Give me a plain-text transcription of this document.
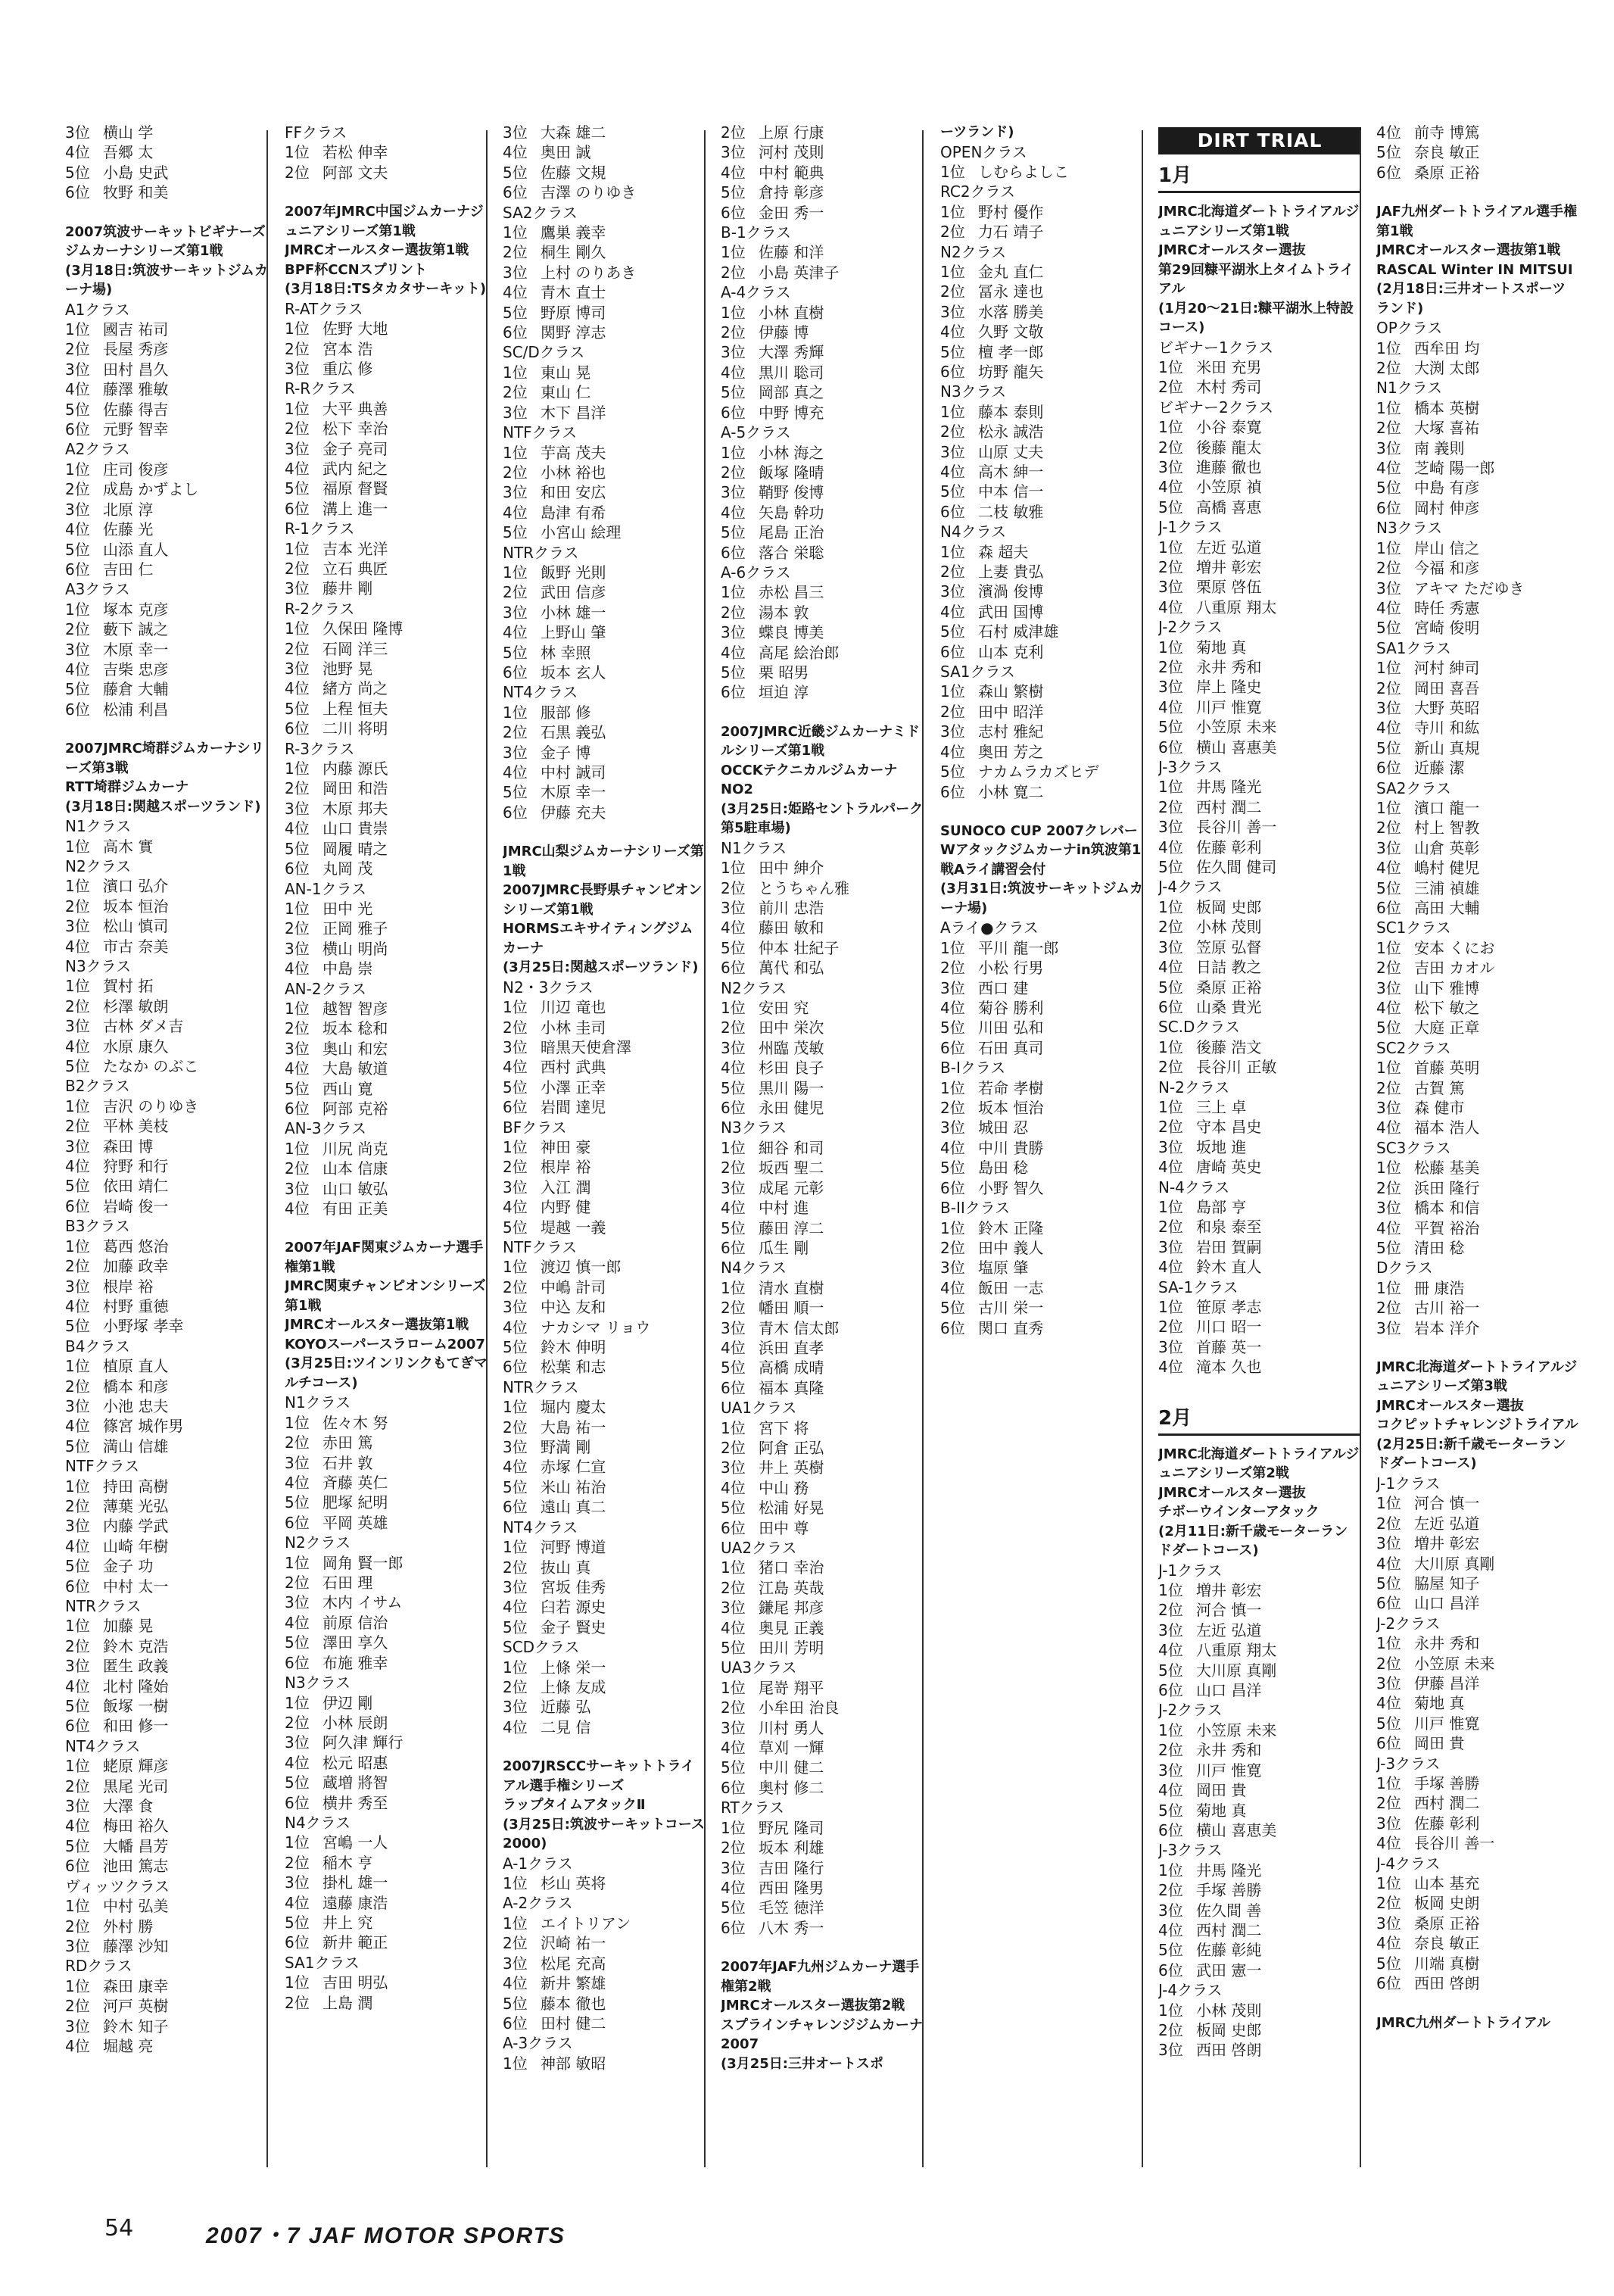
3位 横山 学
4位 吾郷 太
5位 小島 史武
6位 牧野 和美
2007筑波サーキットビギナーズジムカーナシリーズ第1戦
(3月18日:筑波サーキットジムカーナ場)
A1クラス
1位 國吉 祐司
2位 長屋 秀彦
3位 田村 昌久
4位 藤澤 雅敏
5位 佐藤 得吉
6位 元野 智幸
A2クラス
1位 庄司 俊彦
2位 成島 かずよし
3位 北原 淳
4位 佐藤 光
5位 山添 直人
6位 吉田 仁
A3クラス
1位 塚本 克彦
2位 藪下 誠之
3位 木原 幸一
4位 吉柴 忠彦
5位 藤倉 大輔
6位 松浦 利昌
2007JMRC埼群ジムカーナシリーズ第3戦
RTT埼群ジムカーナ
(3月18日:関越スポーツランド)
N1クラス
1位 高木 實
N2クラス
1位 濱口 弘介
2位 坂本 恒治
3位 松山 慎司
4位 市古 奈美
N3クラス
1位 賀村 拓
2位 杉澤 敏朗
3位 古林 ダメ吉
4位 水原 康久
5位 たなか のぶこ
B2クラス
1位 吉沢 のりゆき
2位 平林 美枝
3位 森田 博
4位 狩野 和行
5位 依田 靖仁
6位 岩崎 俊一
B3クラス
1位 葛西 悠治
2位 加藤 政幸
3位 根岸 裕
4位 村野 重徳
5位 小野塚 孝幸
B4クラス
1位 植原 直人
2位 橋本 和彦
3位 小池 忠夫
4位 篠宮 城作男
5位 満山 信雄
NTFクラス
1位 持田 高樹
2位 薄葉 光弘
3位 内藤 学武
4位 山崎 年樹
5位 金子 功
6位 中村 太一
NTRクラス
1位 加藤 晃
2位 鈴木 克浩
3位 匿生 政義
4位 北村 隆始
5位 飯塚 一樹
6位 和田 修一
NT4クラス
1位 蛯原 輝彦
2位 黒尾 光司
3位 大澤 食
4位 梅田 裕久
5位 大幡 昌芳
6位 池田 篤志
ヴィッツクラス
1位 中村 弘美
2位 外村 勝
3位 藤澤 沙知
RDクラス
1位 森田 康幸
2位 河戸 英樹
3位 鈴木 知子
4位 堀越 亮
FFクラス
1位 若松 伸幸
2位 阿部 文夫
2007年JMRC中国ジムカーナジュニアシリーズ第1戦
JMRCオールスター選抜第1戦
BPF杯CCNスプリント
(3月18日:TSタカタサーキット)
R-ATクラス
1位 佐野 大地
2位 宮本 浩
3位 重広 修
R-Rクラス
1位 大平 典善
2位 松下 幸治
3位 金子 亮司
4位 武内 紀之
5位 福原 督賢
6位 溝上 進一
R-1クラス
1位 吉本 光洋
2位 立石 典匠
3位 藤井 剛
R-2クラス
1位 久保田 隆博
2位 石岡 洋三
3位 池野 晃
4位 緒方 尚之
5位 上程 恒夫
6位 二川 将明
R-3クラス
1位 内藤 源氏
2位 岡田 和浩
3位 木原 邦夫
4位 山口 貴崇
5位 岡履 晴之
6位 丸岡 茂
AN-1クラス
1位 田中 光
2位 正岡 雅子
3位 横山 明尚
4位 中島 崇
AN-2クラス
1位 越智 智彦
2位 坂本 稔和
3位 奥山 和宏
4位 大島 敏道
5位 西山 寛
6位 阿部 克裕
AN-3クラス
1位 川尻 尚克
2位 山本 信康
3位 山口 敏弘
4位 有田 正美
2007年JAF関東ジムカーナ選手権第1戦
JMRC関東チャンピオンシリーズ第1戦
JMRCオールスター選抜第1戦
KOYOスーパースラローム2007
(3月25日:ツインリンクもてぎマルチコース)
N1クラス
1位 佐々木 努
2位 赤田 篤
3位 石井 敦
4位 斉藤 英仁
5位 肥塚 紀明
6位 平岡 英雄
N2クラス
1位 岡角 賢一郎
2位 石田 理
3位 木内 イサム
4位 前原 信治
5位 澤田 享久
6位 布施 雅幸
N3クラス
1位 伊辺 剛
2位 小林 辰朗
3位 阿久津 輝行
4位 松元 昭惠
5位 蔵増 將智
6位 横井 秀至
N4クラス
1位 宮嶋 一人
2位 稲木 亨
3位 掛札 雄一
4位 遠藤 康浩
5位 井上 究
6位 新井 範正
SA1クラス
1位 吉田 明弘
2位 上島 潤
3位 大森 雄二
4位 奥田 誠
5位 佐藤 文規
6位 吉澤 のりゆき
SA2クラス
1位 鷹巣 義幸
2位 桐生 剛久
3位 上村 のりあき
4位 青木 直士
5位 野原 博司
6位 関野 淳志
SC/Dクラス
1位 東山 晃
2位 東山 仁
3位 木下 昌洋
NTFクラス
1位 芋高 茂夫
2位 小林 裕也
3位 和田 安広
4位 島津 有希
5位 小宮山 絵理
NTRクラス
1位 飯野 光則
2位 武田 信彦
3位 小林 雄一
4位 上野山 肇
5位 林 幸照
6位 坂本 玄人
NT4クラス
1位 服部 修
2位 石黒 義弘
3位 金子 博
4位 中村 誠司
5位 木原 幸一
6位 伊藤 充夫
JMRC山梨ジムカーナシリーズ第1戦
2007JMRC長野県チャンピオンシリーズ第1戦
HORMSエキサイティングジムカーナ
(3月25日:関越スポーツランド)
N2・3クラス
1位 川辺 竜也
2位 小林 圭司
3位 暗黒天使倉澤
4位 西村 武典
5位 小澤 正幸
6位 岩間 達児
BFクラス
1位 神田 豪
2位 根岸 裕
3位 入江 潤
4位 内野 健
5位 堤越 一義
NTFクラス
1位 渡辺 慎一郎
2位 中嶋 計司
3位 中込 友和
4位 ナカシマ リョウ
5位 鈴木 伸明
6位 松葉 和志
NTRクラス
1位 堀内 慶太
2位 大島 祐一
3位 野満 剛
4位 赤塚 仁宣
5位 米山 祐治
6位 遠山 真二
NT4クラス
1位 河野 博道
2位 抜山 真
3位 宮坂 佳秀
4位 臼若 源史
5位 金子 賢史
SCDクラス
1位 上條 栄一
2位 上條 友成
3位 近藤 弘
4位 二見 信
2007JRSCCサーキットトライアル選手権シリーズ
ラップタイムアタックⅡ
(3月25日:筑波サーキットコース2000)
A-1クラス
1位 杉山 英将
A-2クラス
1位 エイトリアン
2位 沢崎 祐一
3位 松尾 充高
4位 新井 繁雄
5位 藤本 徹也
6位 田村 健二
A-3クラス
1位 神部 敏昭
2位 上原 行康
3位 河村 茂則
4位 中村 範典
5位 倉持 彰彦
6位 金田 秀一
B-1クラス
1位 佐藤 和洋
2位 小島 英津子
A-4クラス
1位 小林 直樹
2位 伊藤 博
3位 大澤 秀輝
4位 黒川 聡司
5位 岡部 真之
6位 中野 博充
A-5クラス
1位 小林 海之
2位 飯塚 隆晴
3位 鞘野 俊博
4位 矢島 幹功
5位 尾島 正治
6位 落合 栄聡
A-6クラス
1位 赤松 昌三
2位 湯本 敦
3位 蝶良 博美
4位 高尾 絵治郎
5位 栗 昭男
6位 垣迫 淳
2007JMRC近畿ジムカーナミドルシリーズ第1戦
OCCKテクニカルジムカーナNO2
(3月25日:姫路セントラルパーク第5駐車場)
N1クラス
1位 田中 紳介
2位 とうちゃん雅
3位 前川 忠浩
4位 藤田 敏和
5位 仲本 壮紀子
6位 萬代 和弘
N2クラス
1位 安田 究
2位 田中 栄次
3位 州臨 茂敏
4位 杉田 良子
5位 黒川 陽一
6位 永田 健児
N3クラス
1位 細谷 和司
2位 坂西 聖二
3位 成尾 元彰
4位 中村 進
5位 藤田 淳二
6位 瓜生 剛
N4クラス
1位 清水 直樹
2位 幡田 順一
3位 青木 信太郎
4位 浜田 直孝
5位 高橋 成晴
6位 福本 真隆
UA1クラス
1位 宮下 将
2位 阿倉 正弘
3位 井上 英樹
4位 中山 務
5位 松浦 好晃
6位 田中 尊
UA2クラス
1位 猪口 幸治
2位 江島 英哉
3位 鎌尾 邦彦
4位 奥見 正義
5位 田川 芳明
UA3クラス
1位 尾嵜 翔平
2位 小牟田 治良
3位 川村 勇人
4位 草刈 一輝
5位 中川 健二
6位 奥村 修二
RTクラス
1位 野尻 隆司
2位 坂本 利雄
3位 吉田 隆行
4位 西田 隆男
5位 毛笠 徳洋
6位 八木 秀一
2007年JAF九州ジムカーナ選手権第2戦
JMRCオールスター選抜第2戦
スプラインチャレンジジムカーナ2007
(3月25日:三井オートスポ
ーツランド)
OPENクラス
1位 しむらよしこ
RC2クラス
1位 野村 優作
2位 力石 靖子
N2クラス
1位 金丸 直仁
2位 冨永 達也
3位 水落 勝美
4位 久野 文敬
5位 檀 孝一郎
6位 坊野 龍矢
N3クラス
1位 藤本 泰則
2位 松永 誠浩
3位 山原 丈夫
4位 高木 紳一
5位 中本 信一
6位 二枝 敏雅
N4クラス
1位 森 超夫
2位 上妻 貴弘
3位 濱渦 俊博
4位 武田 国博
5位 石村 威津雄
6位 山本 克利
SA1クラス
1位 森山 繁樹
2位 田中 昭洋
3位 志村 雅紀
4位 奥田 芳之
5位 ナカムラカズヒデ
6位 小林 寛二
SUNOCO CUP 2007クレバーWアタックジムカーナin筑波第1戦Aライ講習会付
(3月31日:筑波サーキットジムカーナ場)
Aライ●クラス
1位 平川 龍一郎
2位 小松 行男
3位 西口 建
4位 菊谷 勝利
5位 川田 弘和
6位 石田 真司
B-Iクラス
1位 若命 孝樹
2位 坂本 恒治
3位 城田 忍
4位 中川 貴勝
5位 島田 稔
6位 小野 智久
B-IIクラス
1位 鈴木 正隆
2位 田中 義人
3位 塩原 肇
4位 飯田 一志
5位 古川 栄一
6位 関口 直秀
DIRT TRIAL
1月
JMRC北海道ダートトライアルジュニアシリーズ第1戦
JMRCオールスター選抜
第29回糠平湖氷上タイムトライアル
(1月20〜21日:糠平湖氷上特設コース)
ビギナー1クラス
1位 米田 充男
2位 木村 秀司
ビギナー2クラス
1位 小谷 泰寛
2位 後藤 龍太
3位 進藤 徹也
4位 小笠原 禎
5位 高橋 喜恵
J-1クラス
1位 左近 弘道
2位 増井 彰宏
3位 栗原 啓伍
4位 八重原 翔太
J-2クラス
1位 菊地 真
2位 永井 秀和
3位 岸上 隆史
4位 川戸 惟寛
5位 小笠原 未来
6位 横山 喜惠美
J-3クラス
1位 井馬 隆光
2位 西村 潤二
3位 長谷川 善一
4位 佐藤 彰利
5位 佐久間 健司
J-4クラス
1位 板岡 史郎
2位 小林 茂則
3位 笠原 弘督
4位 日詰 教之
5位 桑原 正裕
6位 山桑 貴光
SC.Dクラス
1位 後藤 浩文
2位 長谷川 正敏
N-2クラス
1位 三上 卓
2位 守本 昌史
3位 坂地 進
4位 唐崎 英史
N-4クラス
1位 島部 亨
2位 和泉 泰至
3位 岩田 賀嗣
4位 鈴木 直人
SA-1クラス
1位 笹原 孝志
2位 川口 昭一
3位 首藤 英一
4位 滝本 久也
2月
JMRC北海道ダートトライアルジュニアシリーズ第2戦
JMRCオールスター選抜
チボーウインターアタック
(2月11日:新千歳モーターランドダートコース)
J-1クラス
1位 増井 彰宏
2位 河合 慎一
3位 左近 弘道
4位 八重原 翔太
5位 大川原 真剛
6位 山口 昌洋
J-2クラス
1位 小笠原 未来
2位 永井 秀和
3位 川戸 惟寛
4位 岡田 貴
5位 菊地 真
6位 横山 喜恵美
J-3クラス
1位 井馬 隆光
2位 手塚 善勝
3位 佐久間 善
4位 西村 潤二
5位 佐藤 彰純
6位 武田 憲一
J-4クラス
1位 小林 茂則
2位 板岡 史郎
3位 西田 啓朗
4位 前寺 博篤
5位 奈良 敏正
6位 桑原 正裕
JAF九州ダートトライアル選手権第1戦
JMRCオールスター選抜第1戦
RASCAL Winter IN MITSUI
(2月18日:三井オートスポーツランド)
OPクラス
1位 西牟田 均
2位 大渕 太郎
N1クラス
1位 橋本 英樹
2位 大塚 喜祐
3位 南 義則
4位 芝崎 陽一郎
5位 中島 有彦
6位 岡村 伸彦
N3クラス
1位 岸山 信之
2位 今福 和彦
3位 アキマ ただゆき
4位 時任 秀憲
5位 宮崎 俊明
SA1クラス
1位 河村 紳司
2位 岡田 喜吾
3位 大野 英昭
4位 寺川 和紘
5位 新山 真規
6位 近藤 潔
SA2クラス
1位 濱口 龍一
2位 村上 智教
3位 山倉 英彰
4位 嶋村 健児
5位 三浦 禎雄
6位 高田 大輔
SC1クラス
1位 安本 くにお
2位 吉田 カオル
3位 山下 雅博
4位 松下 敏之
5位 大庭 正章
SC2クラス
1位 首藤 英明
2位 古賀 篤
3位 森 健市
4位 福本 浩人
SC3クラス
1位 松藤 基美
2位 浜田 隆行
3位 橋本 和信
4位 平賀 裕治
5位 清田 稔
Dクラス
1位 冊 康浩
2位 古川 裕一
3位 岩本 洋介
JMRC北海道ダートトライアルジュニアシリーズ第3戦
JMRCオールスター選抜
コクピットチャレンジトライアル
(2月25日:新千歳モーターランドダートコース)
J-1クラス
1位 河合 慎一
2位 左近 弘道
3位 増井 彰宏
4位 大川原 真剛
5位 脇屋 知子
6位 山口 昌洋
J-2クラス
1位 永井 秀和
2位 小笠原 未来
3位 伊藤 昌洋
4位 菊地 真
5位 川戸 惟寛
6位 岡田 貴
J-3クラス
1位 手塚 善勝
2位 西村 潤二
3位 佐藤 彰利
4位 長谷川 善一
J-4クラス
1位 山本 基充
2位 板岡 史朗
3位 桑原 正裕
4位 奈良 敏正
5位 川端 真樹
6位 西田 啓朗
JMRC九州ダートトライアル
54	2007・7 JAF MOTOR SPORTS
